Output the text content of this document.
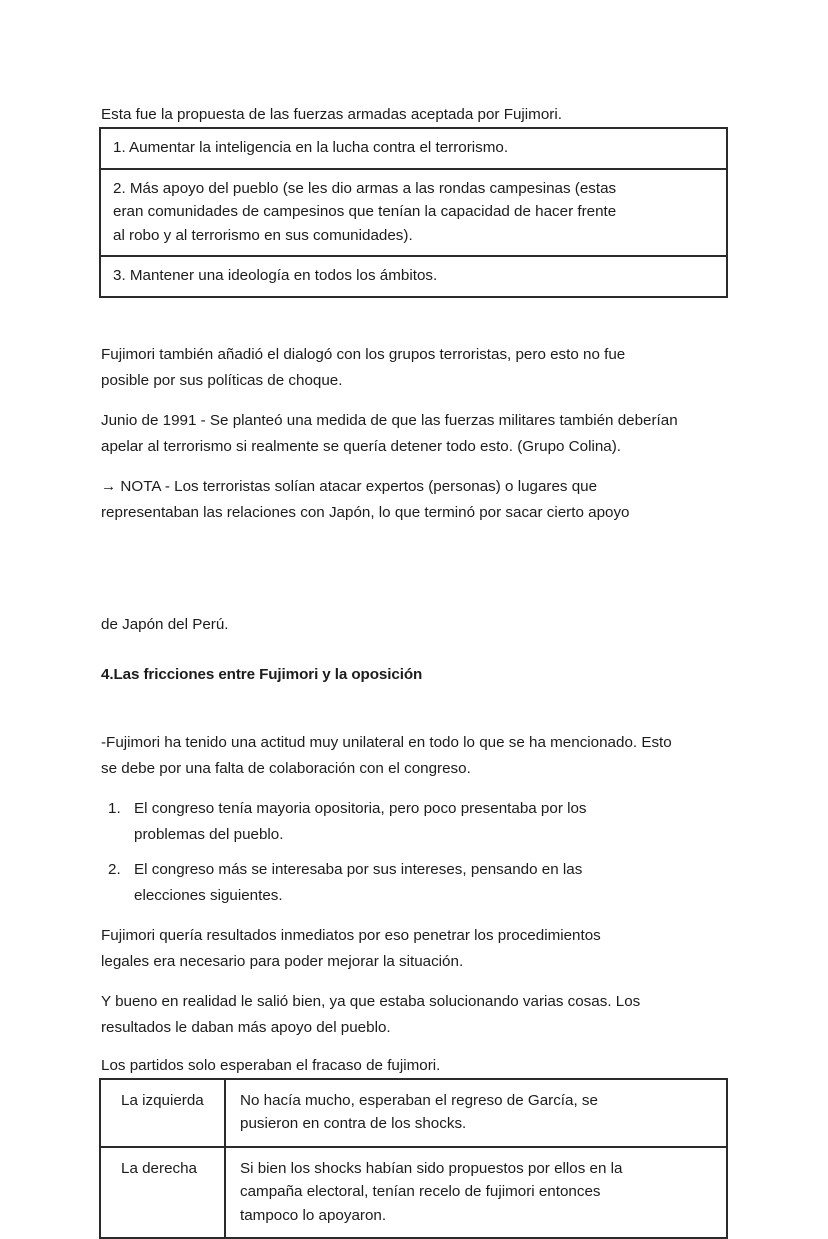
Esta fue la propuesta de las fuerzas armadas aceptada por Fujimori.

1. Aumentar la inteligencia en la lucha contra el terrorismo.

2. Más apoyo del pueblo (se les dio armas a las rondas campesinas (estas
eran comunidades de campesinos que tenían la capacidad de hacer frente
al robo y al terrorismo en sus comunidades).

3. Mantener una ideología en todos los ámbitos.

Fujimori también añadió el dialogó con los grupos terroristas, pero esto no fue
posible por sus políticas de choque.

Junio de 1991 - Se planteó una medida de que las fuerzas militares también deberían
apelar al terrorismo si realmente se quería detener todo esto. (Grupo Colina).

→ NOTA - Los terroristas solían atacar expertos (personas) o lugares que
representaban las relaciones con Japón, lo que terminó por sacar cierto apoyo

de Japón del Perú.

4.Las fricciones entre Fujimori y la oposición

-Fujimori ha tenido una actitud muy unilateral en todo lo que se ha mencionado. Esto
se debe por una falta de colaboración con el congreso.

1. El congreso tenía mayoria opositoria, pero poco presentaba por los
problemas del pueblo.
2. El congreso más se interesaba por sus intereses, pensando en las
elecciones siguientes.

Fujimori quería resultados inmediatos por eso penetrar los procedimientos
legales era necesario para poder mejorar la situación.

Y bueno en realidad le salió bien, ya que estaba solucionando varias cosas. Los
resultados le daban más apoyo del pueblo.

Los partidos solo esperaban el fracaso de fujimori.

La izquierda	No hacía mucho, esperaban el regreso de García, se
pusieron en contra de los shocks.

La derecha	Si bien los shocks habían sido propuestos por ellos en la
campaña electoral, tenían recelo de fujimori entonces
tampoco lo apoyaron.
